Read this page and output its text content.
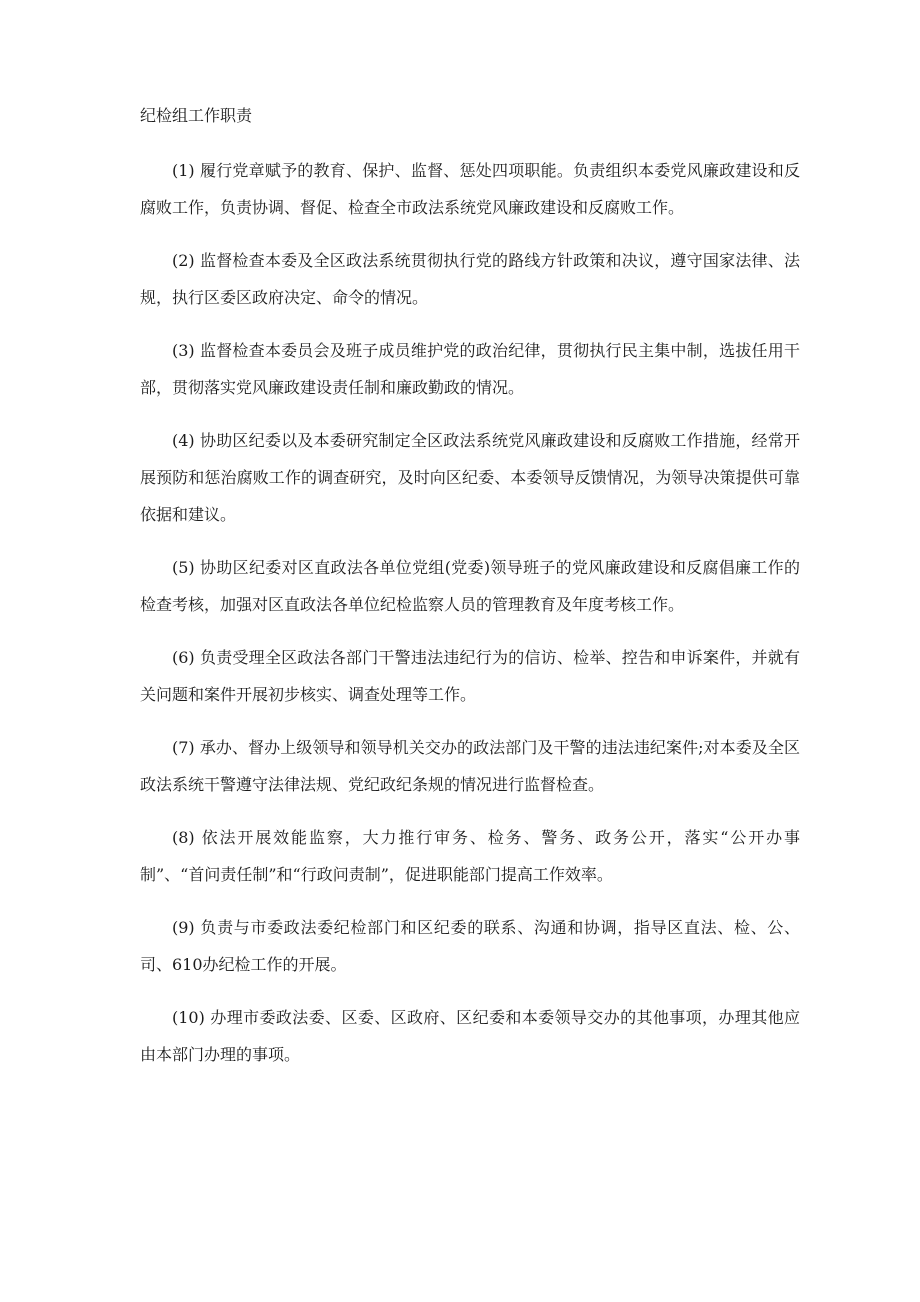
纪检组工作职责

(1) 履行党章赋予的教育、保护、监督、惩处四项职能。负责组织本委党风廉政建设和反腐败工作，负责协调、督促、检查全市政法系统党风廉政建设和反腐败工作。

(2) 监督检查本委及全区政法系统贯彻执行党的路线方针政策和决议，遵守国家法律、法规，执行区委区政府决定、命令的情况。

(3) 监督检查本委员会及班子成员维护党的政治纪律，贯彻执行民主集中制，选拔任用干部，贯彻落实党风廉政建设责任制和廉政勤政的情况。

(4) 协助区纪委以及本委研究制定全区政法系统党风廉政建设和反腐败工作措施，经常开展预防和惩治腐败工作的调查研究，及时向区纪委、本委领导反馈情况，为领导决策提供可靠依据和建议。

(5) 协助区纪委对区直政法各单位党组(党委)领导班子的党风廉政建设和反腐倡廉工作的检查考核，加强对区直政法各单位纪检监察人员的管理教育及年度考核工作。

(6) 负责受理全区政法各部门干警违法违纪行为的信访、检举、控告和申诉案件，并就有关问题和案件开展初步核实、调查处理等工作。

(7) 承办、督办上级领导和领导机关交办的政法部门及干警的违法违纪案件;对本委及全区政法系统干警遵守法律法规、党纪政纪条规的情况进行监督检查。

(8) 依法开展效能监察，大力推行审务、检务、警务、政务公开，落实“公开办事制”、“首问责任制”和“行政问责制”，促进职能部门提高工作效率。

(9) 负责与市委政法委纪检部门和区纪委的联系、沟通和协调，指导区直法、检、公、司、610办纪检工作的开展。

(10) 办理市委政法委、区委、区政府、区纪委和本委领导交办的其他事项，办理其他应由本部门办理的事项。
